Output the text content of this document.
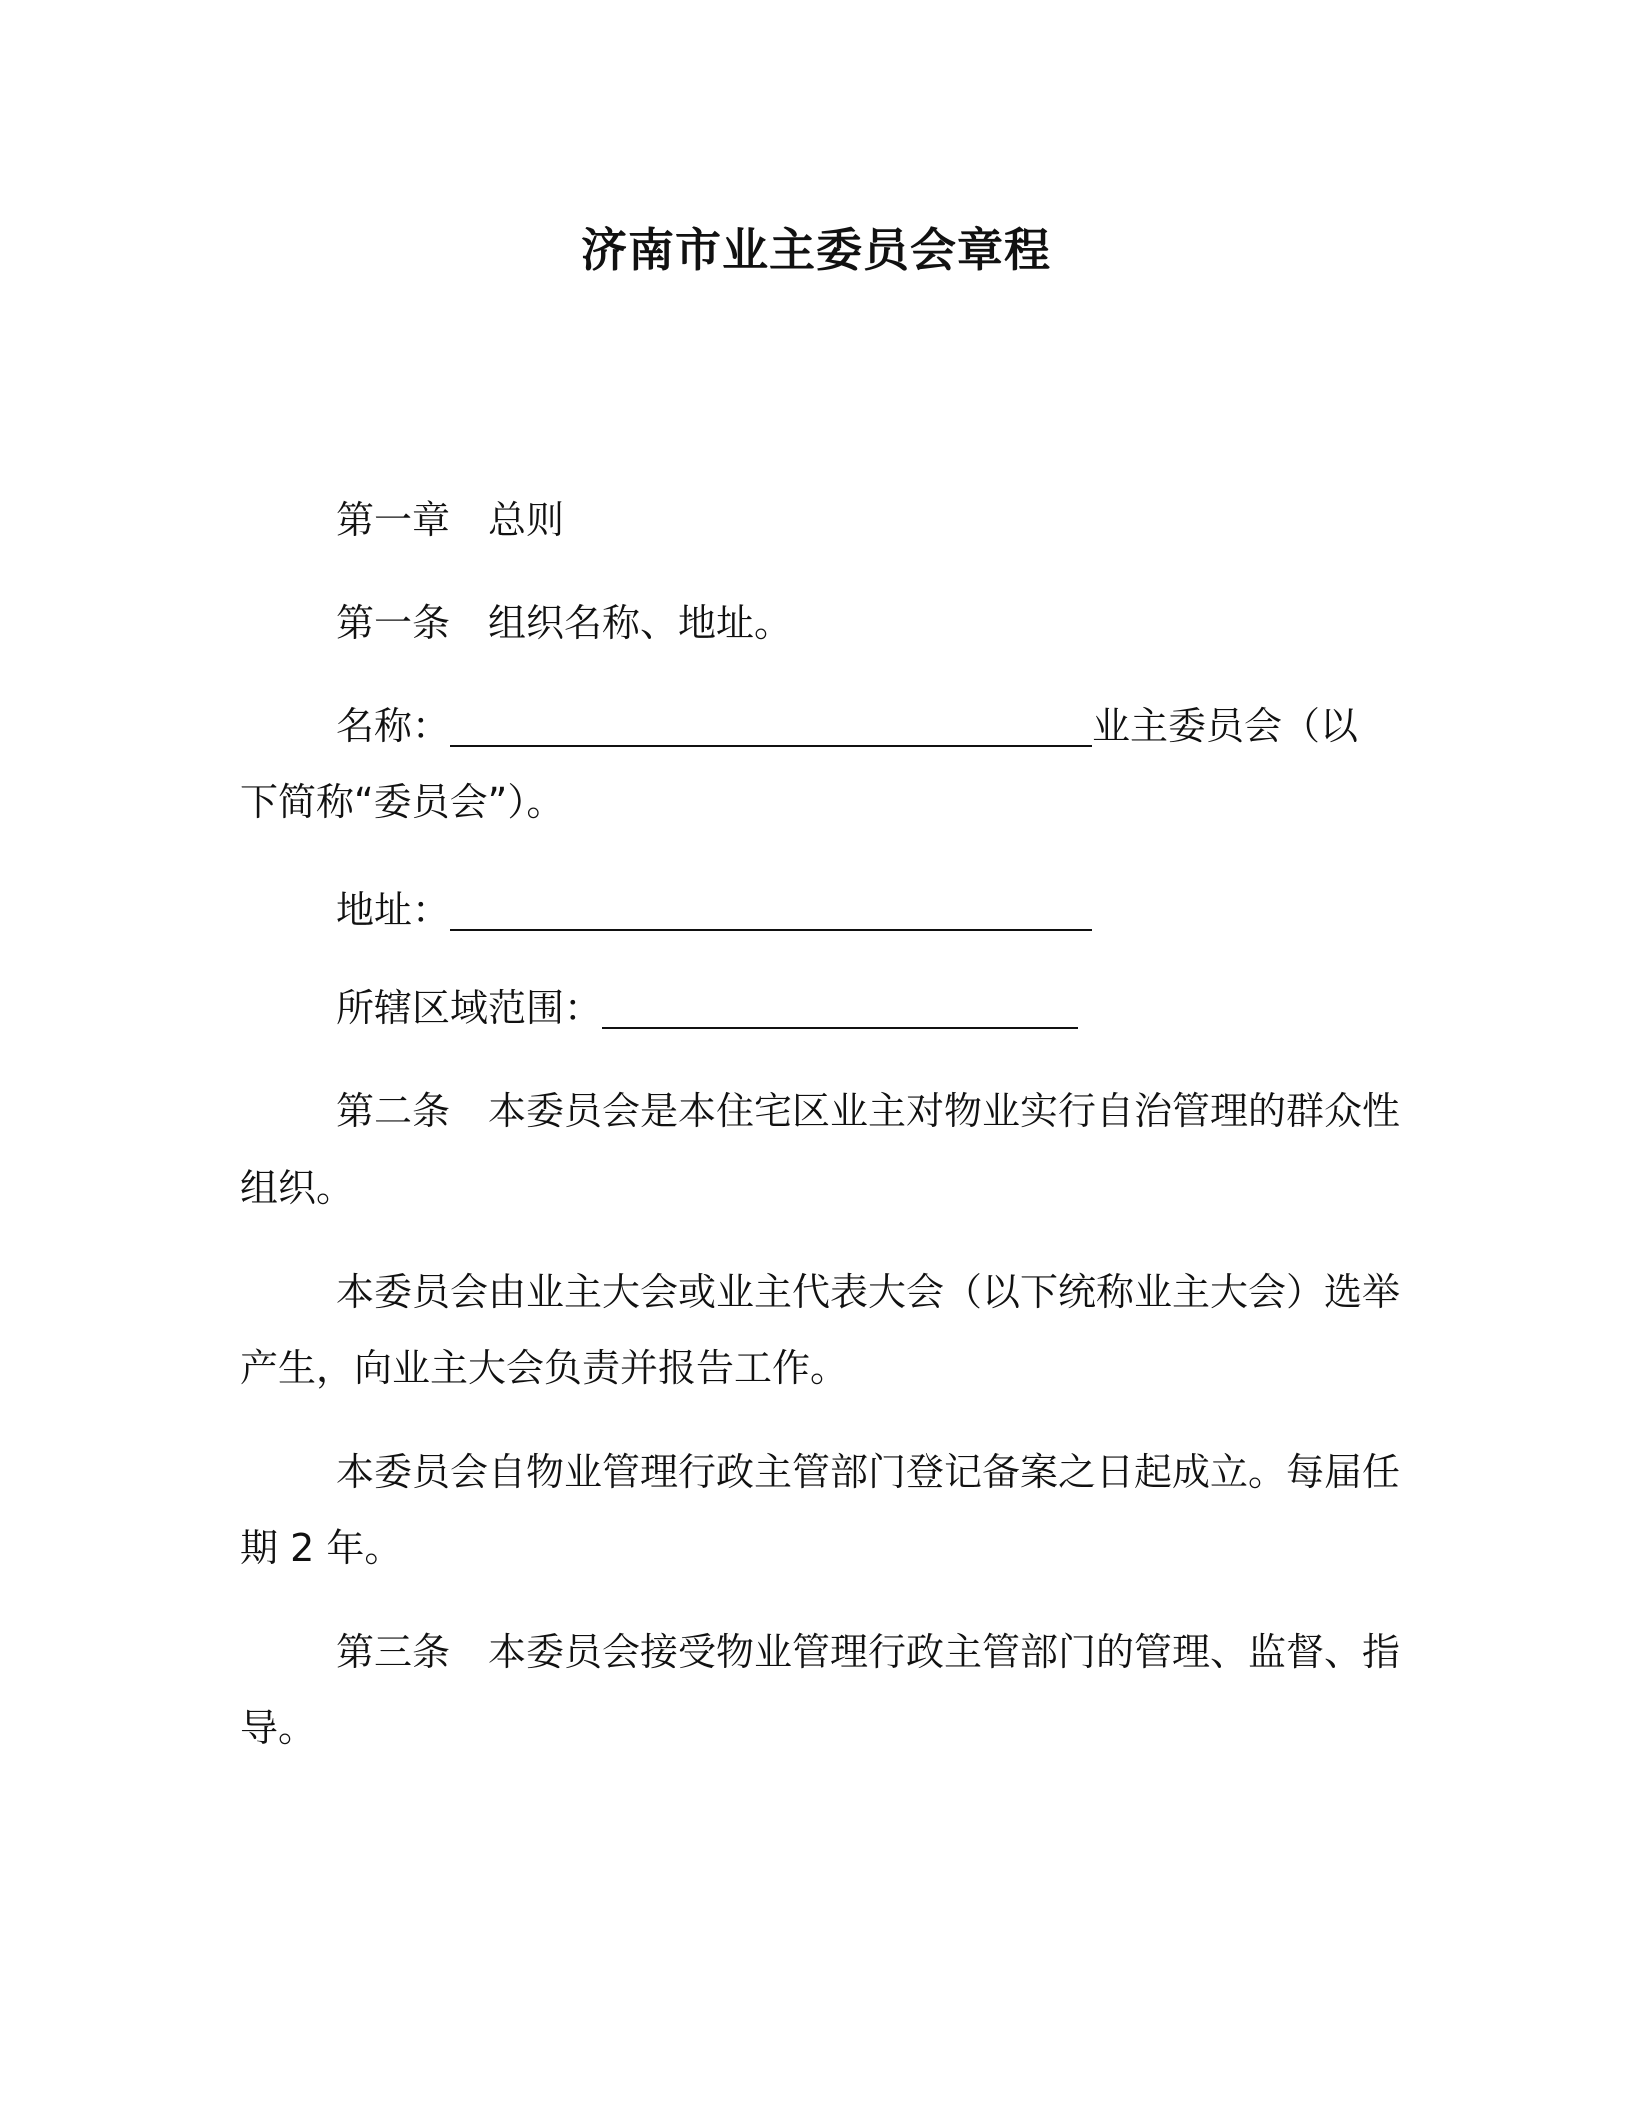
济南市业主委员会章程
第一章 总则
第一条 组织名称、地址。
名称：	业主委员会（以
下简称“委员会”）。
地址：
所辖区域范围：
第二条 本委员会是本住宅区业主对物业实行自治管理的群众性
组织。
本委员会由业主大会或业主代表大会（以下统称业主大会）选举
产生，向业主大会负责并报告工作。
本委员会自物业管理行政主管部门登记备案之日起成立。每届任
期 2 年。
第三条 本委员会接受物业管理行政主管部门的管理、监督、指
导。
